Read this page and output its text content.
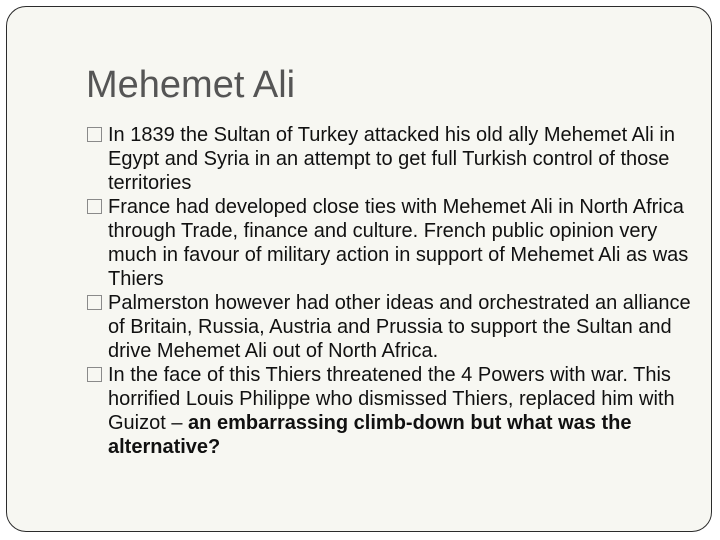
Mehemet Ali
In 1839 the Sultan of Turkey attacked his old ally Mehemet Ali in Egypt and Syria in an attempt to get full Turkish control of those territories
France had developed close ties with Mehemet Ali in North Africa through Trade, finance and culture. French public opinion very much in favour of military action in support of Mehemet Ali as was Thiers
Palmerston however had other ideas and orchestrated an alliance of Britain, Russia, Austria and Prussia to support the Sultan and drive Mehemet Ali out of North Africa.
In the face of this Thiers threatened the 4 Powers with war. This horrified Louis Philippe who dismissed Thiers, replaced him with Guizot – an embarrassing climb-down but what was the alternative?
